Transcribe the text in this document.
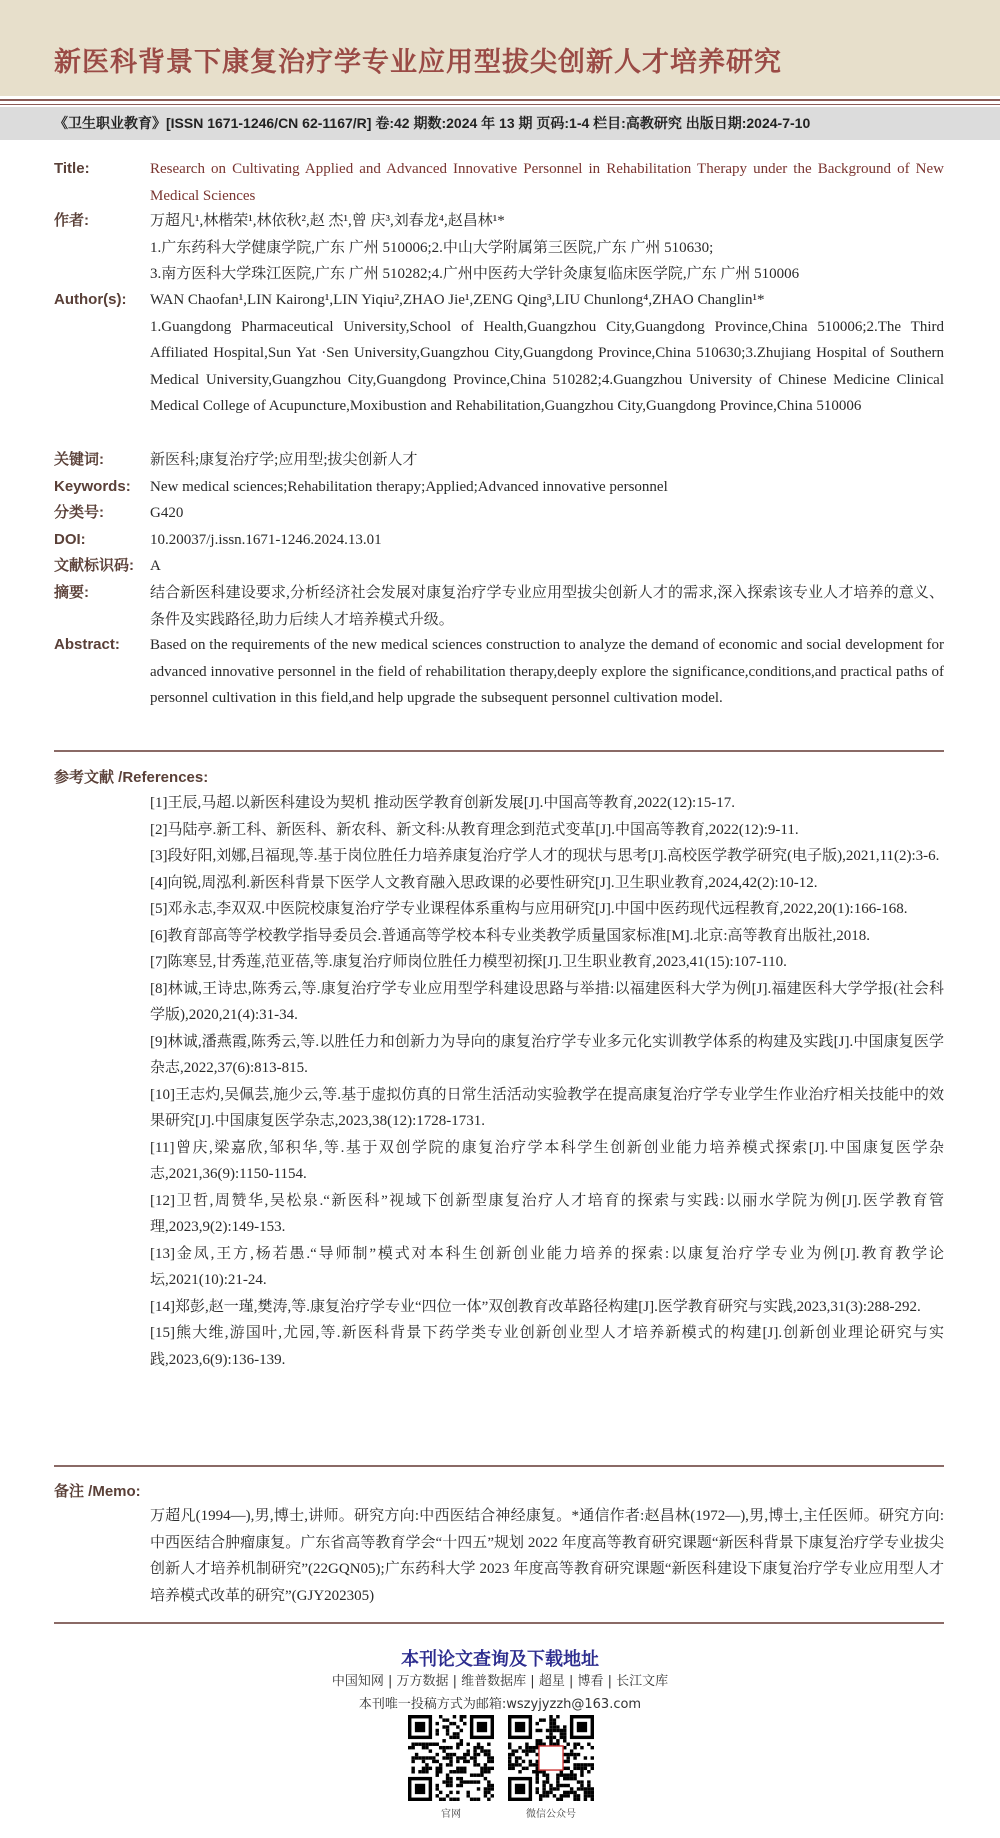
新医科背景下康复治疗学专业应用型拔尖创新人才培养研究
《卫生职业教育》[ISSN 1671-1246/CN 62-1167/R] 卷:42 期数:2024 年 13 期 页码:1-4 栏目:高教研究 出版日期:2024-7-10
Title:	Research on Cultivating Applied and Advanced Innovative Personnel in Rehabilitation Therapy under the Background of New Medical Sciences
作者:	万超凡¹,林楷荣¹,林依秋²,赵 杰¹,曾 庆³,刘春龙⁴,赵昌林¹*
1.广东药科大学健康学院,广东 广州 510006;2.中山大学附属第三医院,广东 广州 510630;
3.南方医科大学珠江医院,广东 广州 510282;4.广州中医药大学针灸康复临床医学院,广东 广州 510006
Author(s): WAN Chaofan¹,LIN Kairong¹,LIN Yiqiu²,ZHAO Jie¹,ZENG Qing³,LIU Chunlong⁴,ZHAO Changlin¹*
1.Guangdong Pharmaceutical University,School of Health,Guangzhou City,Guangdong Province,China 510006;2.The Third Affiliated Hospital,Sun Yat ·Sen University,Guangzhou City,Guangdong Province,China 510630;3.Zhujiang Hospital of Southern Medical University,Guangzhou City,Guangdong Province,China 510282;4.Guangzhou University of Chinese Medicine Clinical Medical College of Acupuncture,Moxibustion and Rehabilitation,Guangzhou City,Guangdong Province,China 510006
关键词:	新医科;康复治疗学;应用型;拔尖创新人才
Keywords: New medical sciences;Rehabilitation therapy;Applied;Advanced innovative personnel
分类号:	G420
DOI:	10.20037/j.issn.1671-1246.2024.13.01
文献标识码: A
摘要:	结合新医科建设要求,分析经济社会发展对康复治疗学专业应用型拔尖创新人才的需求,深入探索该专业人才培养的意义、条件及实践路径,助力后续人才培养模式升级。
Abstract: Based on the requirements of the new medical sciences construction to analyze the demand of economic and social development for advanced innovative personnel in the field of rehabilitation therapy,deeply explore the significance,conditions,and practical paths of personnel cultivation in this field,and help upgrade the subsequent personnel cultivation model.
参考文献 /References:
[1]王辰,马超.以新医科建设为契机 推动医学教育创新发展[J].中国高等教育,2022(12):15-17.
[2]马陆亭.新工科、新医科、新农科、新文科:从教育理念到范式变革[J].中国高等教育,2022(12):9-11.
[3]段好阳,刘娜,吕福现,等.基于岗位胜任力培养康复治疗学人才的现状与思考[J].高校医学教学研究(电子版),2021,11(2):3-6.
[4]向锐,周泓利.新医科背景下医学人文教育融入思政课的必要性研究[J].卫生职业教育,2024,42(2):10-12.
[5]邓永志,李双双.中医院校康复治疗学专业课程体系重构与应用研究[J].中国中医药现代远程教育,2022,20(1):166-168.
[6]教育部高等学校教学指导委员会.普通高等学校本科专业类教学质量国家标准[M].北京:高等教育出版社,2018.
[7]陈寒昱,甘秀莲,范亚蓓,等.康复治疗师岗位胜任力模型初探[J].卫生职业教育,2023,41(15):107-110.
[8]林诚,王诗忠,陈秀云,等.康复治疗学专业应用型学科建设思路与举措:以福建医科大学为例[J].福建医科大学学报(社会科学版),2020,21(4):31-34.
[9]林诚,潘燕霞,陈秀云,等.以胜任力和创新力为导向的康复治疗学专业多元化实训教学体系的构建及实践[J].中国康复医学杂志,2022,37(6):813-815.
[10]王志灼,吴佩芸,施少云,等.基于虚拟仿真的日常生活活动实验教学在提高康复治疗学专业学生作业治疗相关技能中的效果研究[J].中国康复医学杂志,2023,38(12):1728-1731.
[11]曾庆,梁嘉欣,邹积华,等.基于双创学院的康复治疗学本科学生创新创业能力培养模式探索[J].中国康复医学杂志,2021,36(9):1150-1154.
[12]卫哲,周赞华,吴松泉.“新医科”视域下创新型康复治疗人才培育的探索与实践:以丽水学院为例[J].医学教育管理,2023,9(2):149-153.
[13]金凤,王方,杨若愚.“导师制”模式对本科生创新创业能力培养的探索:以康复治疗学专业为例[J].教育教学论坛,2021(10):21-24.
[14]郑彭,赵一瑾,樊涛,等.康复治疗学专业“四位一体”双创教育改革路径构建[J].医学教育研究与实践,2023,31(3):288-292.
[15]熊大维,游国叶,尤园,等.新医科背景下药学类专业创新创业型人才培养新模式的构建[J].创新创业理论研究与实践,2023,6(9):136-139.
备注 /Memo:
万超凡(1994—),男,博士,讲师。研究方向:中西医结合神经康复。*通信作者:赵昌林(1972—),男,博士,主任医师。研究方向:中西医结合肿瘤康复。广东省高等教育学会“十四五”规划 2022 年度高等教育研究课题“新医科背景下康复治疗学专业拔尖创新人才培养机制研究”(22GQN05);广东药科大学 2023 年度高等教育研究课题“新医科建设下康复治疗学专业应用型人才培养模式改革的研究”(GJY202305)
本刊论文查询及下载地址
中国知网 | 万方数据 | 维普数据库 | 超星 | 博看 | 长江文库
本刊唯一投稿方式为邮箱:wszyjyzzh@163.com
官网	微信公众号
